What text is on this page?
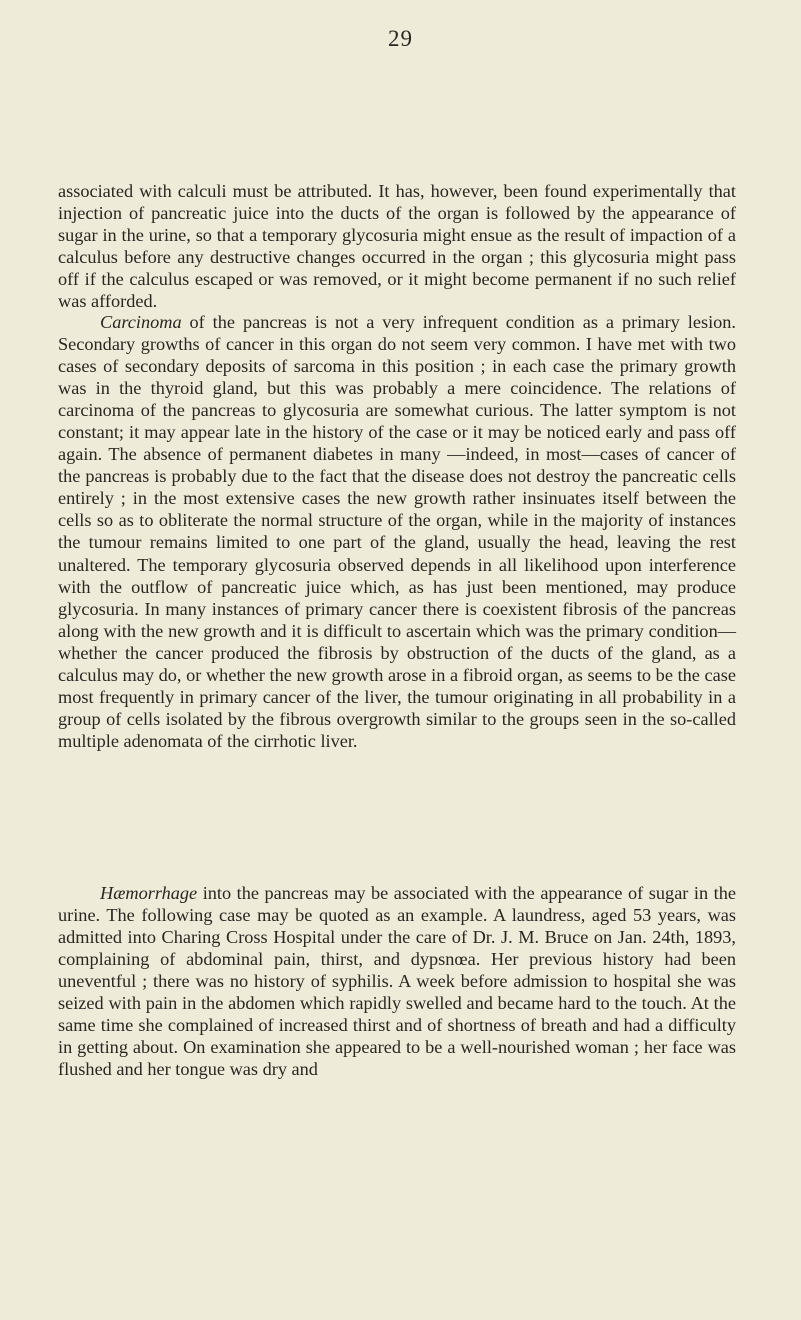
29
associated with calculi must be attributed. It has, however, been found experimentally that injection of pancreatic juice into the ducts of the organ is followed by the appearance of sugar in the urine, so that a temporary glycosuria might ensue as the result of impaction of a calculus before any destructive changes occurred in the organ ; this glycosuria might pass off if the calculus escaped or was removed, or it might become permanent if no such relief was afforded.
Carcinoma of the pancreas is not a very infrequent condition as a primary lesion. Secondary growths of cancer in this organ do not seem very common. I have met with two cases of secondary deposits of sarcoma in this position ; in each case the primary growth was in the thyroid gland, but this was probably a mere coincidence. The relations of carcinoma of the pancreas to glycosuria are somewhat curious. The latter symptom is not constant; it may appear late in the history of the case or it may be noticed early and pass off again. The absence of permanent diabetes in many —indeed, in most—cases of cancer of the pancreas is probably due to the fact that the disease does not destroy the pancreatic cells entirely ; in the most extensive cases the new growth rather insinuates itself between the cells so as to obliterate the normal structure of the organ, while in the majority of instances the tumour remains limited to one part of the gland, usually the head, leaving the rest unaltered. The temporary glycosuria observed depends in all likelihood upon interference with the outflow of pancreatic juice which, as has just been mentioned, may produce glycosuria. In many instances of primary cancer there is coexistent fibrosis of the pancreas along with the new growth and it is difficult to ascertain which was the primary condition— whether the cancer produced the fibrosis by obstruction of the ducts of the gland, as a calculus may do, or whether the new growth arose in a fibroid organ, as seems to be the case most frequently in primary cancer of the liver, the tumour originating in all probability in a group of cells isolated by the fibrous overgrowth similar to the groups seen in the so-called multiple adenomata of the cirrhotic liver.
Hæmorrhage into the pancreas may be associated with the appearance of sugar in the urine. The following case may be quoted as an example. A laundress, aged 53 years, was admitted into Charing Cross Hospital under the care of Dr. J. M. Bruce on Jan. 24th, 1893, complaining of abdominal pain, thirst, and dypsnœa. Her previous history had been uneventful ; there was no history of syphilis. A week before admission to hospital she was seized with pain in the abdomen which rapidly swelled and became hard to the touch. At the same time she complained of increased thirst and of shortness of breath and had a difficulty in getting about. On examination she appeared to be a well-nourished woman ; her face was flushed and her tongue was dry and
